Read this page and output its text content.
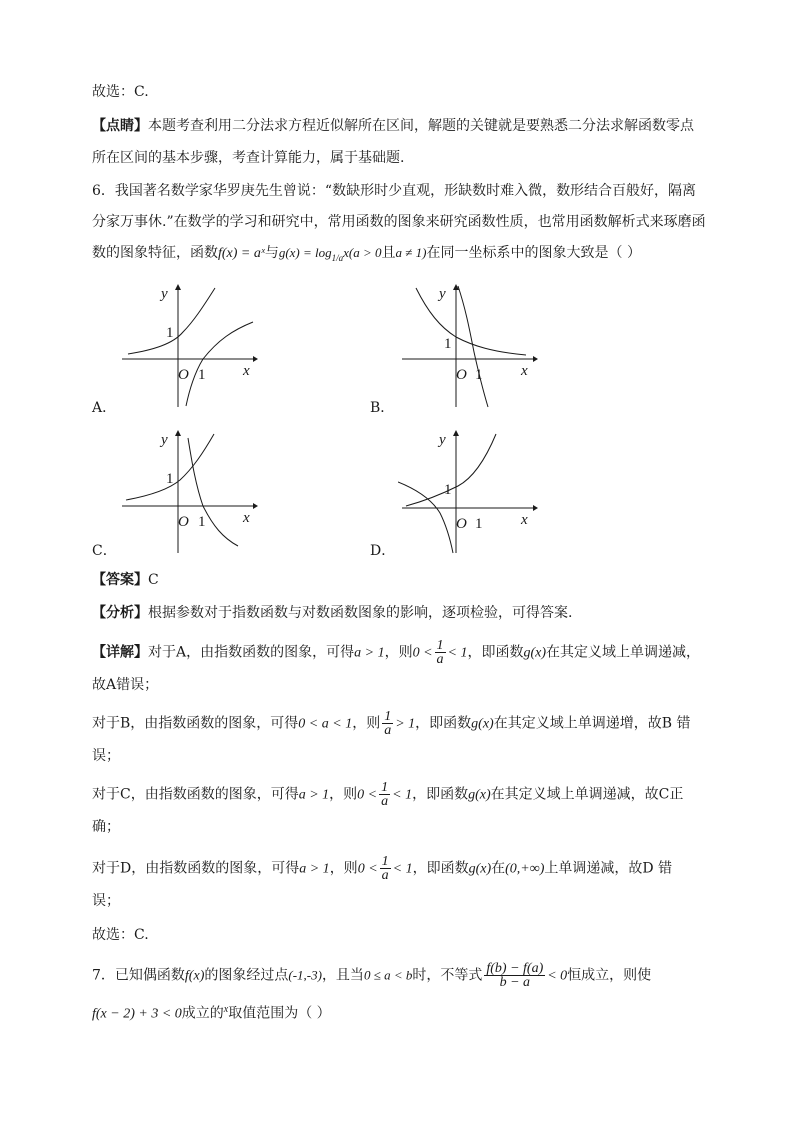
故选：C.
【点睛】本题考查利用二分法求方程近似解所在区间，解题的关键就是要熟悉二分法求解函数零点
所在区间的基本步骤，考查计算能力，属于基础题.
6．我国著名数学家华罗庚先生曾说：“数缺形时少直观，形缺数时难入微，数形结合百般好，隔离
分家万事休.”在数学的学习和研究中，常用函数的图象来研究函数性质，也常用函数解析式来琢磨函
数的图象特征，函数f(x) = aˣ与$g(x) = \log_{1/a}x(a > 0$且a ≠ 1)在同一坐标系中的图象大致是（ ）
y
x
O 1
1
A．
y
x
O 1
1
B．
y
x
O 1
1
C．
y
x
O 1
1
D．
【答案】C
【分析】根据参数对于指数函数与对数函数图象的影响，逐项检验，可得答案.
【详解】对于A，由指数函数的图象，可得a > 1，则$0 < \frac{1}{a} < 1$，即函数g(x)在其定义域上单调递减，
故A错误；
对于B，由指数函数的图象，可得0 < a < 1，则 $\frac{1}{a} > 1$，即函数g(x)在其定义域上单调递增，故B 错
误；
对于C，由指数函数的图象，可得a > 1，则$0 < \frac{1}{a} < 1$，即函数g(x)在其定义域上单调递减，故C正
确；
对于D，由指数函数的图象，可得a > 1，则$0 < \frac{1}{a} < 1$，即函数g(x)在(0,+∞)上单调递减，故D 错
误；
故选：C.
7．已知偶函数f(x)的图象经过点(-1,-3)，且当0 ≤ a < b时，不等式 $\frac{f(b) - f(a)}{b - a} < 0$恒成立，则使
f(x − 2) + 3 < 0成立的$^x$取值范围为（ ）
